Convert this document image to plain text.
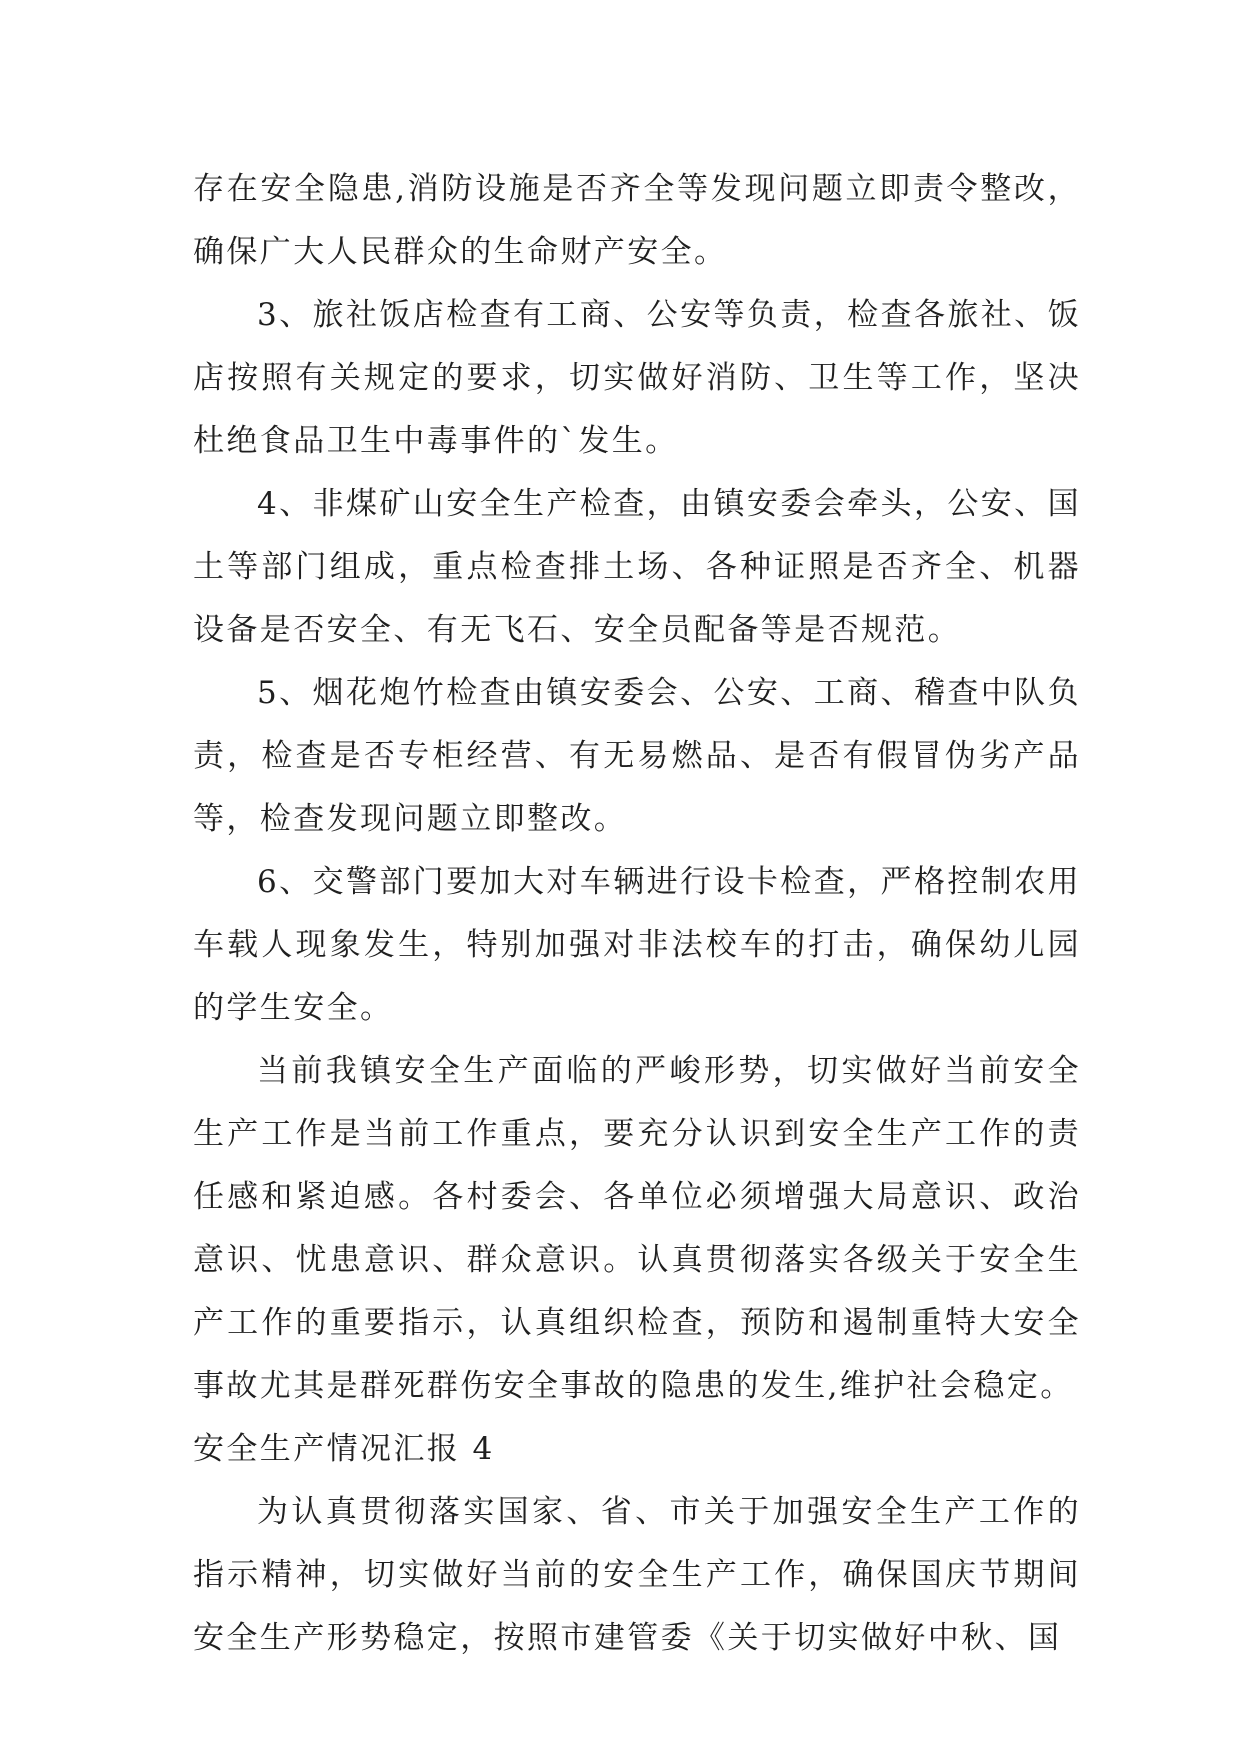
存在安全隐患,消防设施是否齐全等发现问题立即责令整改，确保广大人民群众的生命财产安全。

3、旅社饭店检查有工商、公安等负责，检查各旅社、饭店按照有关规定的要求，切实做好消防、卫生等工作，坚决杜绝食品卫生中毒事件的`发生。

4、非煤矿山安全生产检查，由镇安委会牵头，公安、国土等部门组成，重点检查排土场、各种证照是否齐全、机器设备是否安全、有无飞石、安全员配备等是否规范。

5、烟花炮竹检查由镇安委会、公安、工商、稽查中队负责，检查是否专柜经营、有无易燃品、是否有假冒伪劣产品等，检查发现问题立即整改。

6、交警部门要加大对车辆进行设卡检查，严格控制农用车载人现象发生，特别加强对非法校车的打击，确保幼儿园的学生安全。

当前我镇安全生产面临的严峻形势，切实做好当前安全生产工作是当前工作重点，要充分认识到安全生产工作的责任感和紧迫感。各村委会、各单位必须增强大局意识、政治意识、忧患意识、群众意识。认真贯彻落实各级关于安全生产工作的重要指示，认真组织检查，预防和遏制重特大安全事故尤其是群死群伤安全事故的隐患的发生,维护社会稳定。

安全生产情况汇报 4

为认真贯彻落实国家、省、市关于加强安全生产工作的指示精神，切实做好当前的安全生产工作，确保国庆节期间安全生产形势稳定，按照市建管委《关于切实做好中秋、国
